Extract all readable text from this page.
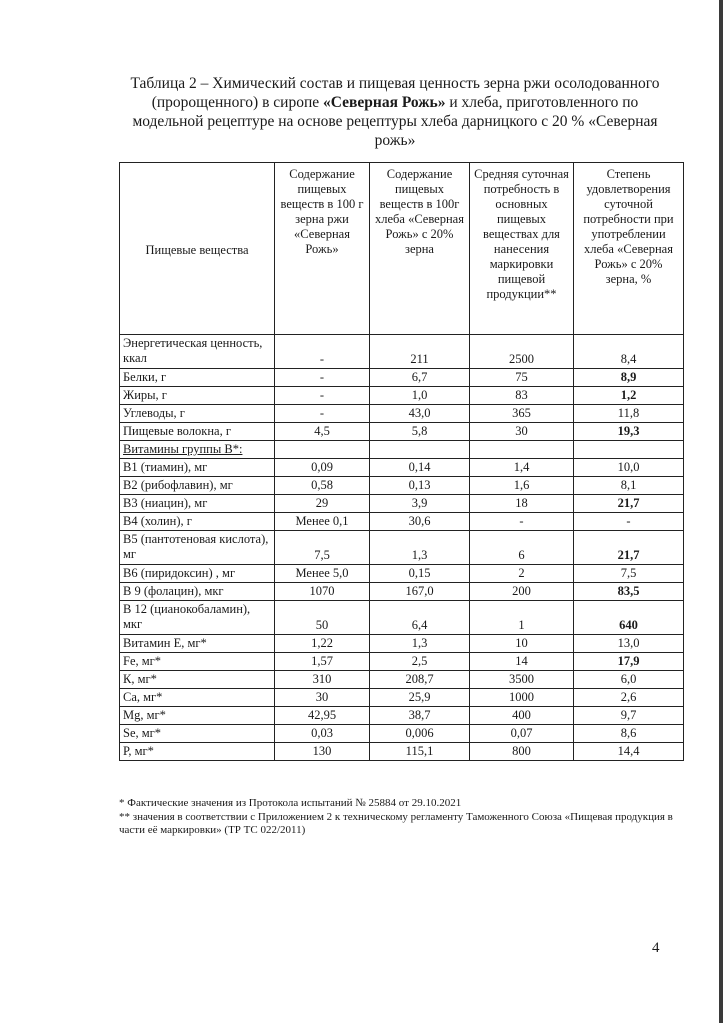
Таблица 2 – Химический состав и пищевая ценность зерна ржи осолодованного (пророщенного) в сиропе «Северная Рожь» и хлеба, приготовленного по модельной рецептуре на основе рецептуры хлеба дарницкого с 20 % «Северная рожь»
Пищевые вещества	Содержание пищевых веществ в 100 г зерна ржи «Северная Рожь»	Содержание пищевых веществ в 100г хлеба «Северная Рожь» с 20% зерна	Средняя суточная потребность в основных пищевых веществах для нанесения маркировки пищевой продукции**	Степень удовлетворения суточной потребности при употреблении хлеба «Северная Рожь» с 20% зерна, %
Энергетическая ценность, ккал	-	211	2500	8,4
Белки, г	-	6,7	75	8,9
Жиры, г	-	1,0	83	1,2
Углеводы, г	-	43,0	365	11,8
Пищевые волокна, г	4,5	5,8	30	19,3
Витамины группы В*:				
В1 (тиамин), мг	0,09	0,14	1,4	10,0
В2 (рибофлавин), мг	0,58	0,13	1,6	8,1
В3 (ниацин), мг	29	3,9	18	21,7
В4 (холин), г	Менее 0,1	30,6	-	-
В5 (пантотеновая кислота), мг	7,5	1,3	6	21,7
В6 (пиридоксин) , мг	Менее 5,0	0,15	2	7,5
В 9 (фолацин), мкг	1070	167,0	200	83,5
В 12 (цианокобаламин), мкг	50	6,4	1	640
Витамин Е, мг*	1,22	1,3	10	13,0
Fe, мг*	1,57	2,5	14	17,9
К, мг*	310	208,7	3500	6,0
Са, мг*	30	25,9	1000	2,6
Mg, мг*	42,95	38,7	400	9,7
Se, мг*	0,03	0,006	0,07	8,6
Р, мг*	130	115,1	800	14,4
* Фактические значения из Протокола испытаний № 25884 от 29.10.2021
** значения в соответствии с Приложением 2 к техническому регламенту Таможенного Союза «Пищевая продукция в части её маркировки» (ТР ТС 022/2011)
4
